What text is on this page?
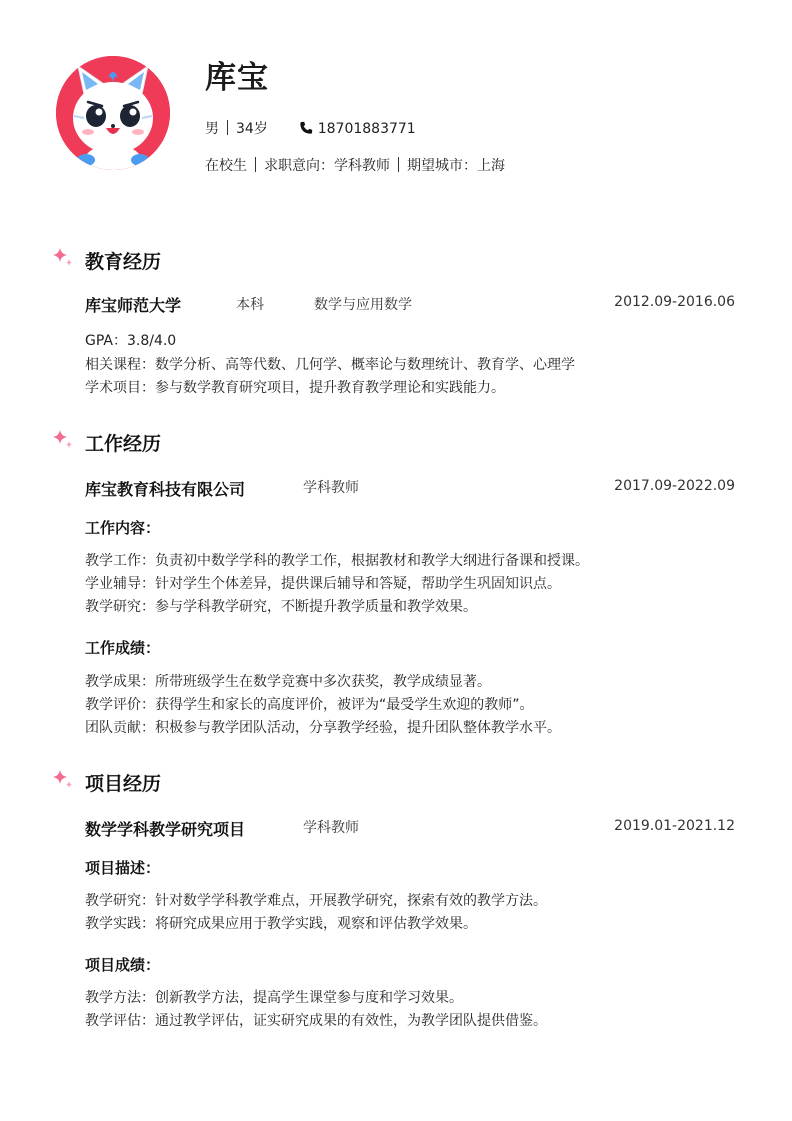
库宝
男 34岁	18701883771
在校生 求职意向：学科教师 期望城市：上海
教育经历
库宝师范大学	本科	数学与应用数学	2012.09-2016.06
GPA：3.8/4.0
相关课程：数学分析、高等代数、几何学、概率论与数理统计、教育学、心理学
学术项目：参与数学教育研究项目，提升教育教学理论和实践能力。
工作经历
库宝教育科技有限公司	学科教师	2017.09-2022.09
工作内容：
教学工作：负责初中数学学科的教学工作，根据教材和教学大纲进行备课和授课。
学业辅导：针对学生个体差异，提供课后辅导和答疑，帮助学生巩固知识点。
教学研究：参与学科教学研究，不断提升教学质量和教学效果。
工作成绩：
教学成果：所带班级学生在数学竞赛中多次获奖，教学成绩显著。
教学评价：获得学生和家长的高度评价，被评为“最受学生欢迎的教师”。
团队贡献：积极参与教学团队活动，分享教学经验，提升团队整体教学水平。
项目经历
数学学科教学研究项目	学科教师	2019.01-2021.12
项目描述：
教学研究：针对数学学科教学难点，开展教学研究，探索有效的教学方法。
教学实践：将研究成果应用于教学实践，观察和评估教学效果。
项目成绩：
教学方法：创新教学方法，提高学生课堂参与度和学习效果。
教学评估：通过教学评估，证实研究成果的有效性，为教学团队提供借鉴。
